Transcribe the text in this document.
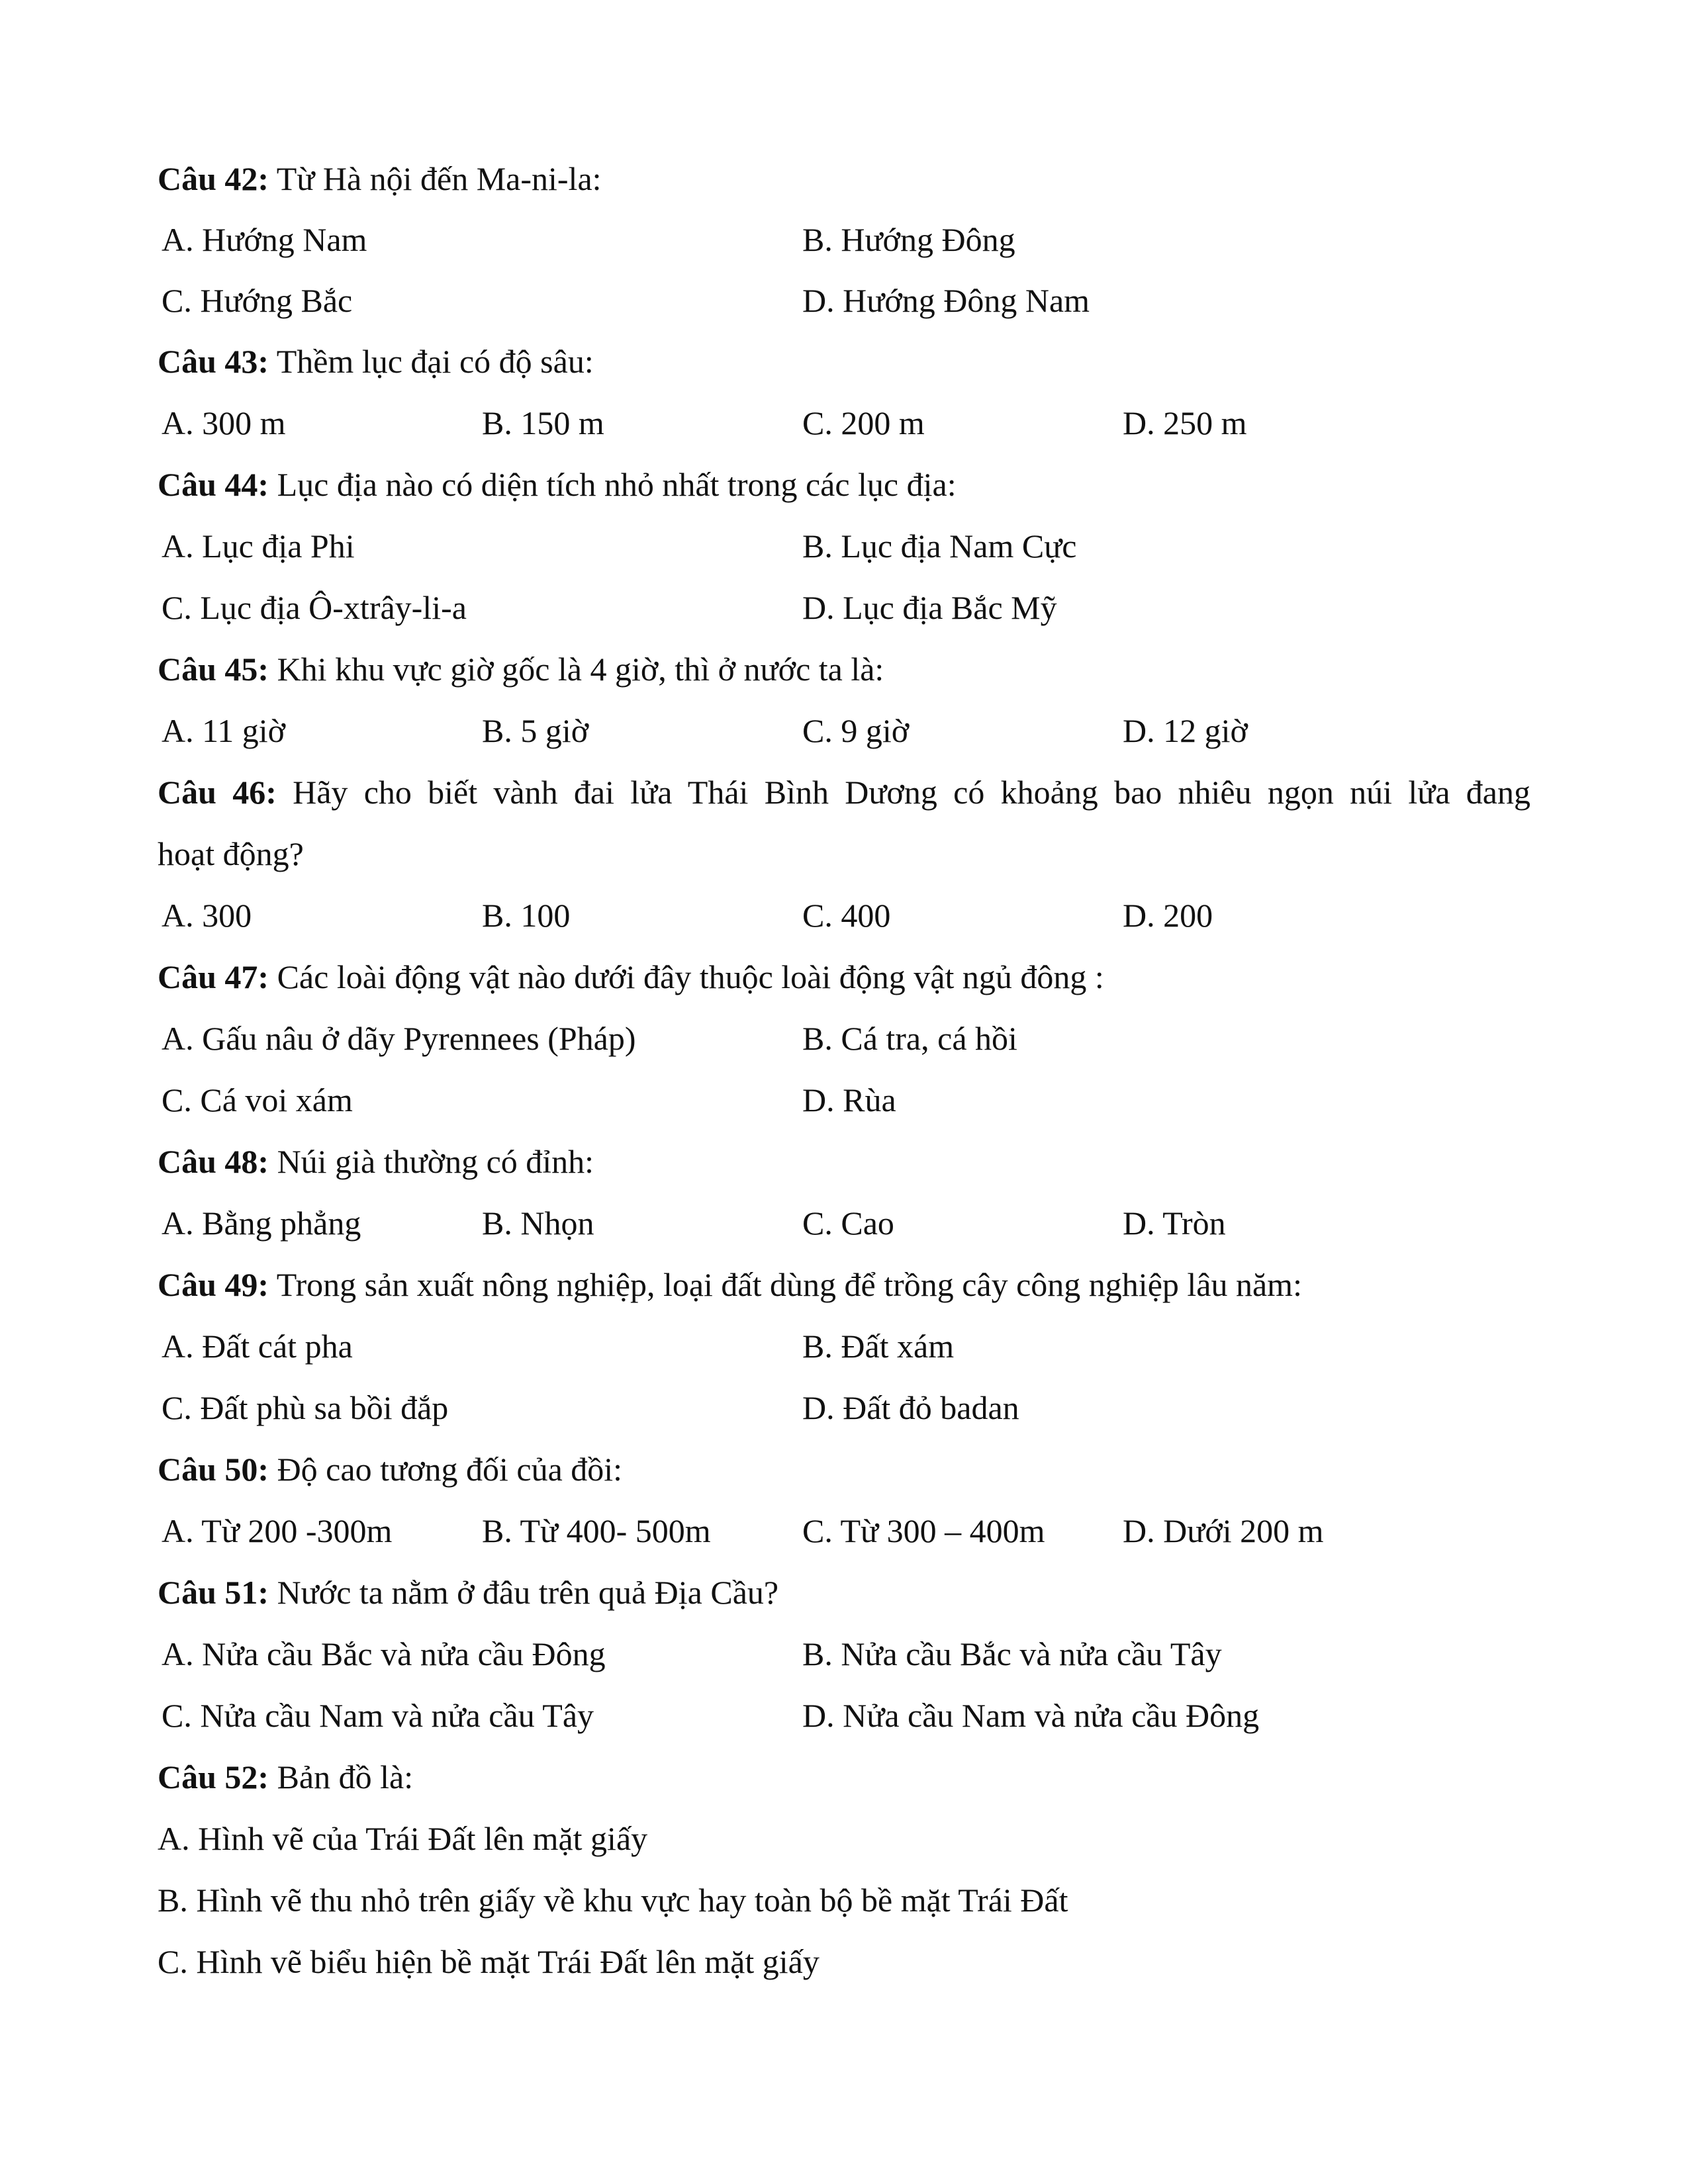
Câu 42: Từ Hà nội đến Ma-ni-la:
A. Hướng Nam	B. Hướng Đông
C. Hướng Bắc	D. Hướng Đông Nam
Câu 43: Thềm lục đại có độ sâu:
A. 300 m	B. 150 m	C. 200 m	D. 250 m
Câu 44: Lục địa nào có diện tích nhỏ nhất trong các lục địa:
A. Lục địa Phi	B. Lục địa Nam Cực
C. Lục địa Ô-xtrây-li-a	D. Lục địa Bắc Mỹ
Câu 45: Khi khu vực giờ gốc là 4 giờ, thì ở nước ta là:
A. 11 giờ	B. 5 giờ	C. 9 giờ	D. 12 giờ
Câu 46: Hãy cho biết vành đai lửa Thái Bình Dương có khoảng bao nhiêu ngọn núi lửa đang
hoạt động?
A. 300	B. 100	C. 400	D. 200
Câu 47: Các loài động vật nào dưới đây thuộc loài động vật ngủ đông :
A. Gấu nâu ở dãy Pyrennees (Pháp)	B. Cá tra, cá hồi
C. Cá voi xám	D. Rùa
Câu 48: Núi già thường có đỉnh:
A. Bằng phẳng	B. Nhọn	C. Cao	D. Tròn
Câu 49: Trong sản xuất nông nghiệp, loại đất dùng để trồng cây công nghiệp lâu năm:
A. Đất cát pha	B. Đất xám
C. Đất phù sa bồi đắp	D. Đất đỏ badan
Câu 50: Độ cao tương đối của đồi:
A. Từ 200 -300m	B. Từ 400- 500m	C. Từ 300 – 400m D. Dưới 200 m
Câu 51: Nước ta nằm ở đâu trên quả Địa Cầu?
A. Nửa cầu Bắc và nửa cầu Đông	B. Nửa cầu Bắc và nửa cầu Tây
C. Nửa cầu Nam và nửa cầu Tây	D. Nửa cầu Nam và nửa cầu Đông
Câu 52: Bản đồ là:
A. Hình vẽ của Trái Đất lên mặt giấy
B. Hình vẽ thu nhỏ trên giấy về khu vực hay toàn bộ bề mặt Trái Đất
C. Hình vẽ biểu hiện bề mặt Trái Đất lên mặt giấy
